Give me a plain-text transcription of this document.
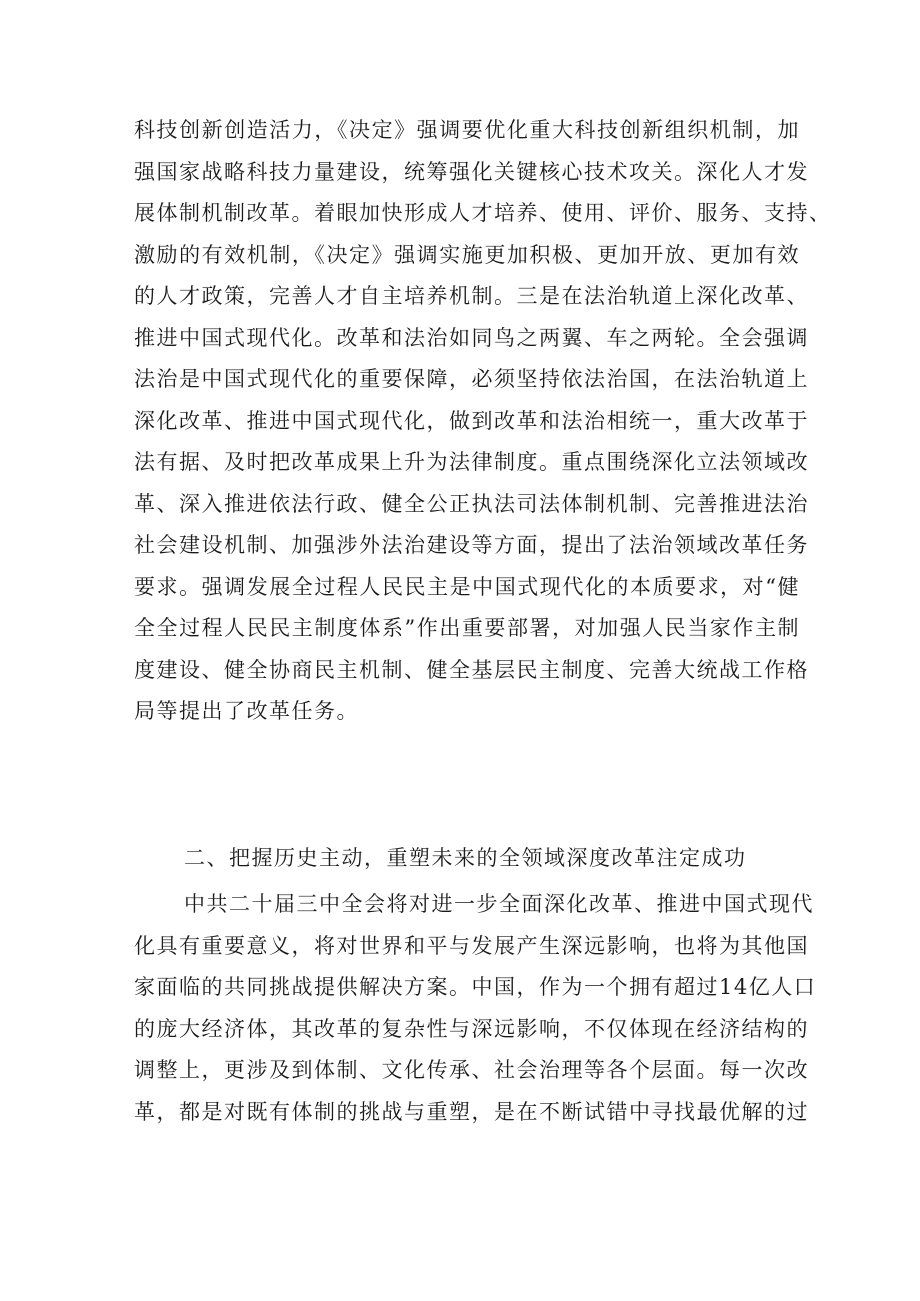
科技创新创造活力，《决定》强调要优化重大科技创新组织机制，加
强国家战略科技力量建设，统筹强化关键核心技术攻关。深化人才发
展体制机制改革。着眼加快形成人才培养、使用、评价、服务、支持、
激励的有效机制，《决定》强调实施更加积极、更加开放、更加有效
的人才政策，完善人才自主培养机制。三是在法治轨道上深化改革、
推进中国式现代化。改革和法治如同鸟之两翼、车之两轮。全会强调
法治是中国式现代化的重要保障，必须坚持依法治国，在法治轨道上
深化改革、推进中国式现代化，做到改革和法治相统一，重大改革于
法有据、及时把改革成果上升为法律制度。重点围绕深化立法领域改
革、深入推进依法行政、健全公正执法司法体制机制、完善推进法治
社会建设机制、加强涉外法治建设等方面，提出了法治领域改革任务
要求。强调发展全过程人民民主是中国式现代化的本质要求，对“健
全全过程人民民主制度体系”作出重要部署，对加强人民当家作主制
度建设、健全协商民主机制、健全基层民主制度、完善大统战工作格
局等提出了改革任务。
二、把握历史主动，重塑未来的全领域深度改革注定成功
中共二十届三中全会将对进一步全面深化改革、推进中国式现代
化具有重要意义，将对世界和平与发展产生深远影响，也将为其他国
家面临的共同挑战提供解决方案。中国，作为一个拥有超过14亿人口
的庞大经济体，其改革的复杂性与深远影响，不仅体现在经济结构的
调整上，更涉及到体制、文化传承、社会治理等各个层面。每一次改
革，都是对既有体制的挑战与重塑，是在不断试错中寻找最优解的过
